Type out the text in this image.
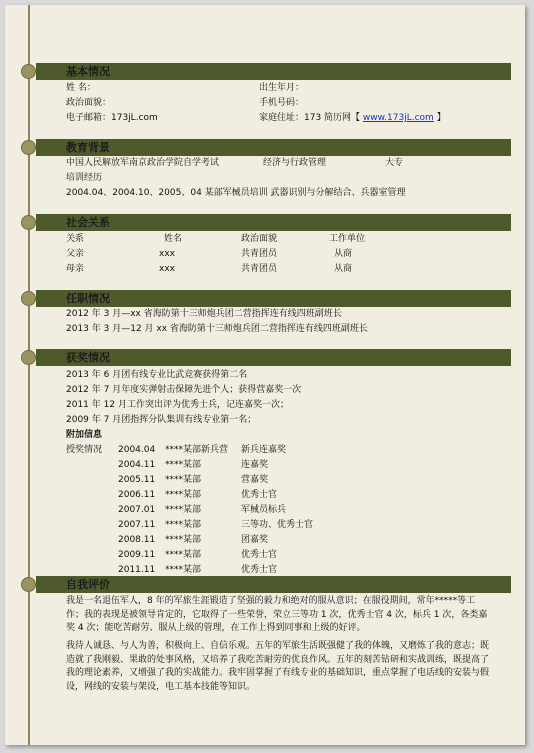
基本情况
姓 名：	出生年月：
政治面貌：	手机号码：
电子邮箱：173jL.com	家庭住址：173 简历网【 www.173jL.com 】
教育背景
中国人民解放军南京政治学院自学考试	经济与行政管理	大专
培训经历
2004.04、2004.10、2005、04 某部军械员培训 武器识别与分解结合、兵器室管理
社会关系
关系	姓名	政治面貌	工作单位
父亲	xxx	共青团员	从商
母亲	xxx	共青团员	从商
任职情况
2012 年 3 月—xx 省海防第十三师炮兵团二营指挥连有线四班副班长
2013 年 3 月—12 月 xx 省海防第十三师炮兵团二营指挥连有线四班副班长
获奖情况
2013 年 6 月团有线专业比武竞赛获得第二名
2012 年 7 月年度实弹射击保障先进个人；获得营嘉奖一次
2011 年 12 月工作突出评为优秀士兵，记连嘉奖一次；
2009 年 7 月团指挥分队集训有线专业第一名；
附加信息
授奖情况 2004.04 ****某部新兵营 新兵连嘉奖
2004.11 ****某部	连嘉奖
2005.11 ****某部	营嘉奖
2006.11 ****某部	优秀士官
2007.01 ****某部	军械员标兵
2007.11 ****某部	三等功、优秀士官
2008.11 ****某部	团嘉奖
2009.11 ****某部	优秀士官
2011.11 ****某部	优秀士官
自我评价
我是一名退伍军人，8 年的军旅生涯锻造了坚强的毅力和绝对的服从意识；在服役期间，常年*****等工作；我的表现是被领导肯定的，它取得了一些荣誉，荣立三等功 1 次，优秀士官 4 次，标兵 1 次，各类嘉奖 4 次；能吃苦耐劳、服从上级的管理，在工作上得到同事和上级的好评。
我待人诚恳、与人为善，积极向上、自信乐观。五年的军旅生活既强健了我的体魄，又磨炼了我的意志；既造就了我刚毅、果敢的处事风格，又培养了我吃苦耐劳的优良作风。五年的刻苦钻研和实战训练，既提高了我的理论素养，又增强了我的实战能力。我牢固掌握了有线专业的基础知识，重点掌握了电话线的安装与假设，网线的安装与架设，电工基本技能等知识。
